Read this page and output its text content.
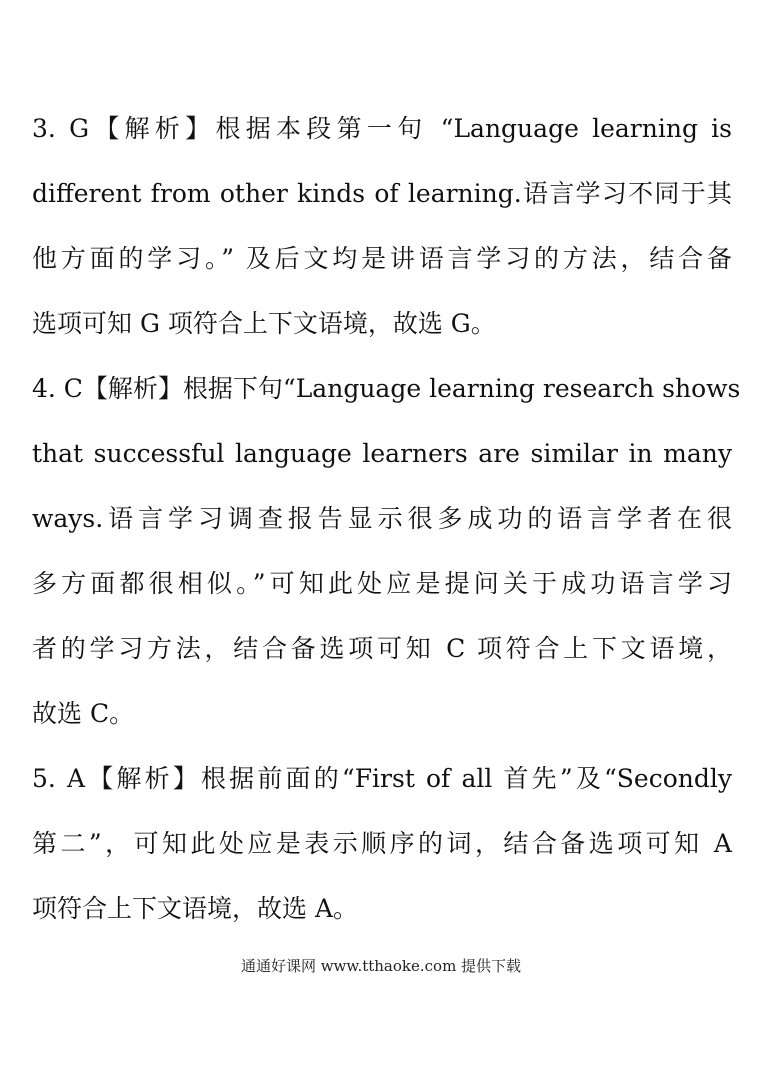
3. G【解析】根据本段第一句 “Language learning is
different from other kinds of learning.语言学习不同于其
他方面的学习。” 及后文均是讲语言学习的方法，结合备
选项可知 G 项符合上下文语境，故选 G。
4. C【解析】根据下句“Language learning research shows
that successful language learners are similar in many
ways.语言学习调查报告显示很多成功的语言学者在很
多方面都很相似。”可知此处应是提问关于成功语言学习
者的学习方法，结合备选项可知 C 项符合上下文语境，
故选 C。
5. A【解析】根据前面的“First of all 首先”及“Secondly
第二”，可知此处应是表示顺序的词，结合备选项可知 A
项符合上下文语境，故选 A。
通通好课网 www.tthaoke.com 提供下载
